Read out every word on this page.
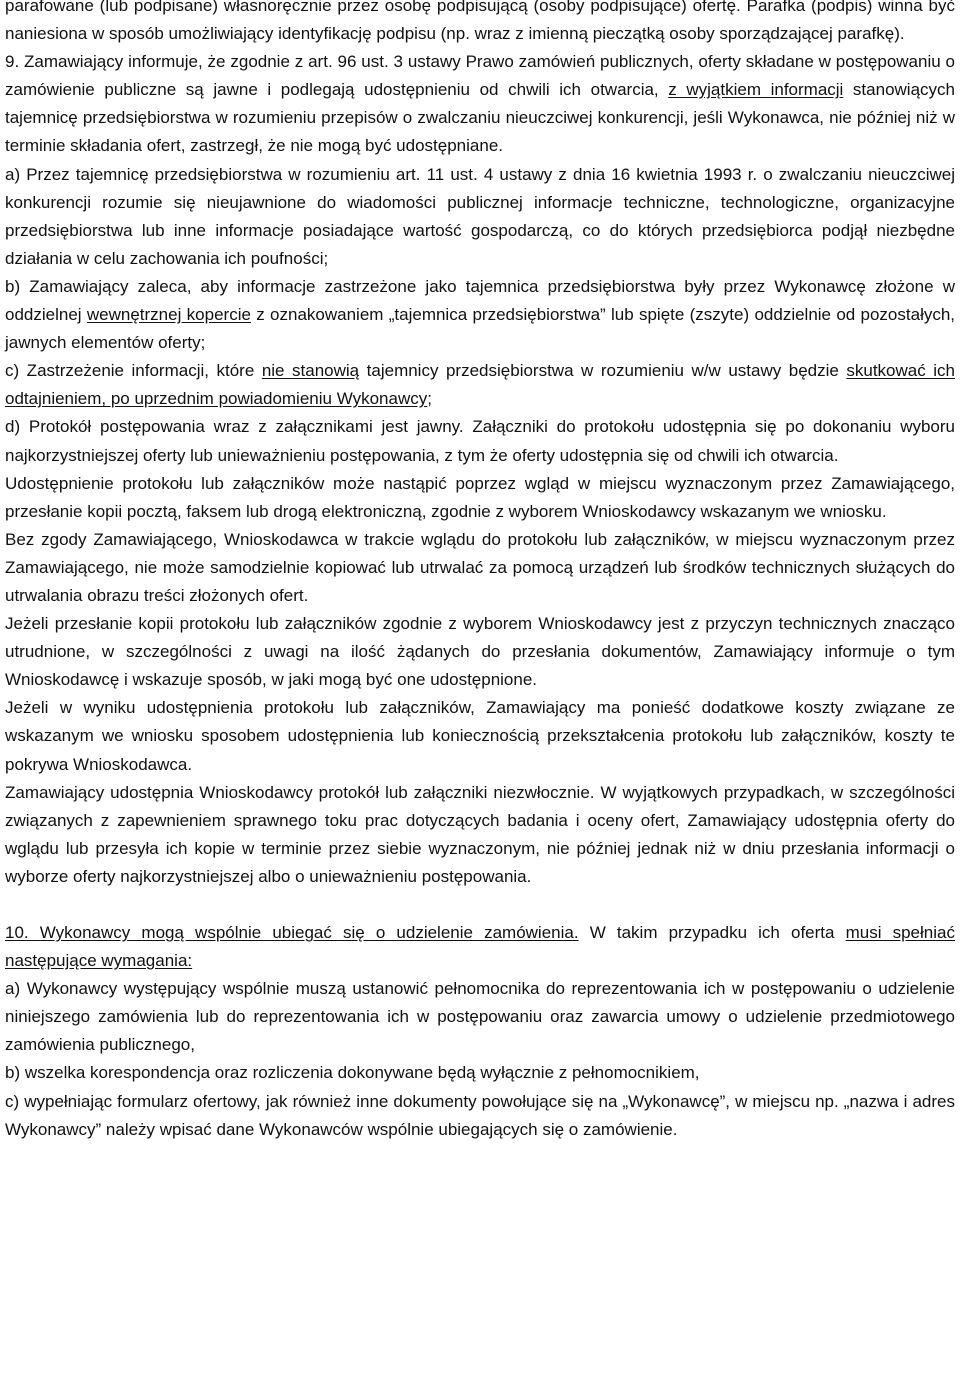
parafowane (lub podpisane) własnoręcznie przez osobę podpisującą (osoby podpisujące) ofertę. Parafka (podpis) winna być naniesiona w sposób umożliwiający identyfikację podpisu (np. wraz z imienną pieczątką osoby sporządzającej parafkę).

9. Zamawiający informuje, że zgodnie z art. 96 ust. 3 ustawy Prawo zamówień publicznych, oferty składane w postępowaniu o zamówienie publiczne są jawne i podlegają udostępnieniu od chwili ich otwarcia, z wyjątkiem informacji stanowiących tajemnicę przedsiębiorstwa w rozumieniu przepisów o zwalczaniu nieuczciwej konkurencji, jeśli Wykonawca, nie później niż w terminie składania ofert, zastrzegł, że nie mogą być udostępniane.

a) Przez tajemnicę przedsiębiorstwa w rozumieniu art. 11 ust. 4 ustawy z dnia 16 kwietnia 1993 r. o zwalczaniu nieuczciwej konkurencji rozumie się nieujawnione do wiadomości publicznej informacje techniczne, technologiczne, organizacyjne przedsiębiorstwa lub inne informacje posiadające wartość gospodarczą, co do których przedsiębiorca podjął niezbędne działania w celu zachowania ich poufności;

b) Zamawiający zaleca, aby informacje zastrzeżone jako tajemnica przedsiębiorstwa były przez Wykonawcę złożone w oddzielnej wewnętrznej kopercie z oznakowaniem „tajemnica przedsiębiorstwa” lub spięte (zszyte) oddzielnie od pozostałych, jawnych elementów oferty;

c) Zastrzeżenie informacji, które nie stanowią tajemnicy przedsiębiorstwa w rozumieniu w/w ustawy będzie skutkować ich odtajnieniem, po uprzednim powiadomieniu Wykonawcy;

d) Protokół postępowania wraz z załącznikami jest jawny. Załączniki do protokołu udostępnia się po dokonaniu wyboru najkorzystniejszej oferty lub unieważnieniu postępowania, z tym że oferty udostępnia się od chwili ich otwarcia.

Udostępnienie protokołu lub załączników może nastąpić poprzez wgląd w miejscu wyznaczonym przez Zamawiającego, przesłanie kopii pocztą, faksem lub drogą elektroniczną, zgodnie z wyborem Wnioskodawcy wskazanym we wniosku.

Bez zgody Zamawiającego, Wnioskodawca w trakcie wglądu do protokołu lub załączników, w miejscu wyznaczonym przez Zamawiającego, nie może samodzielnie kopiować lub utrwalać za pomocą urządzeń lub środków technicznych służących do utrwalania obrazu treści złożonych ofert.

Jeżeli przesłanie kopii protokołu lub załączników zgodnie z wyborem Wnioskodawcy jest z przyczyn technicznych znacząco utrudnione, w szczególności z uwagi na ilość żądanych do przesłania dokumentów, Zamawiający informuje o tym Wnioskodawcę i wskazuje sposób, w jaki mogą być one udostępnione.

Jeżeli w wyniku udostępnienia protokołu lub załączników, Zamawiający ma ponieść dodatkowe koszty związane ze wskazanym we wniosku sposobem udostępnienia lub koniecznością przekształcenia protokołu lub załączników, koszty te pokrywa Wnioskodawca.

Zamawiający udostępnia Wnioskodawcy protokół lub załączniki niezwłocznie. W wyjątkowych przypadkach, w szczególności związanych z zapewnieniem sprawnego toku prac dotyczących badania i oceny ofert, Zamawiający udostępnia oferty do wglądu lub przesyła ich kopie w terminie przez siebie wyznaczonym, nie później jednak niż w dniu przesłania informacji o wyborze oferty najkorzystniejszej albo o unieważnieniu postępowania.

10. Wykonawcy mogą wspólnie ubiegać się o udzielenie zamówienia. W takim przypadku ich oferta musi spełniać następujące wymagania:

a) Wykonawcy występujący wspólnie muszą ustanowić pełnomocnika do reprezentowania ich w postępowaniu o udzielenie niniejszego zamówienia lub do reprezentowania ich w postępowaniu oraz zawarcia umowy o udzielenie przedmiotowego zamówienia publicznego,

b) wszelka korespondencja oraz rozliczenia dokonywane będą wyłącznie z pełnomocnikiem,

c) wypełniając formularz ofertowy, jak również inne dokumenty powołujące się na „Wykonawcę”, w miejscu np. „nazwa i adres Wykonawcy” należy wpisać dane Wykonawców wspólnie ubiegających się o zamówienie.
